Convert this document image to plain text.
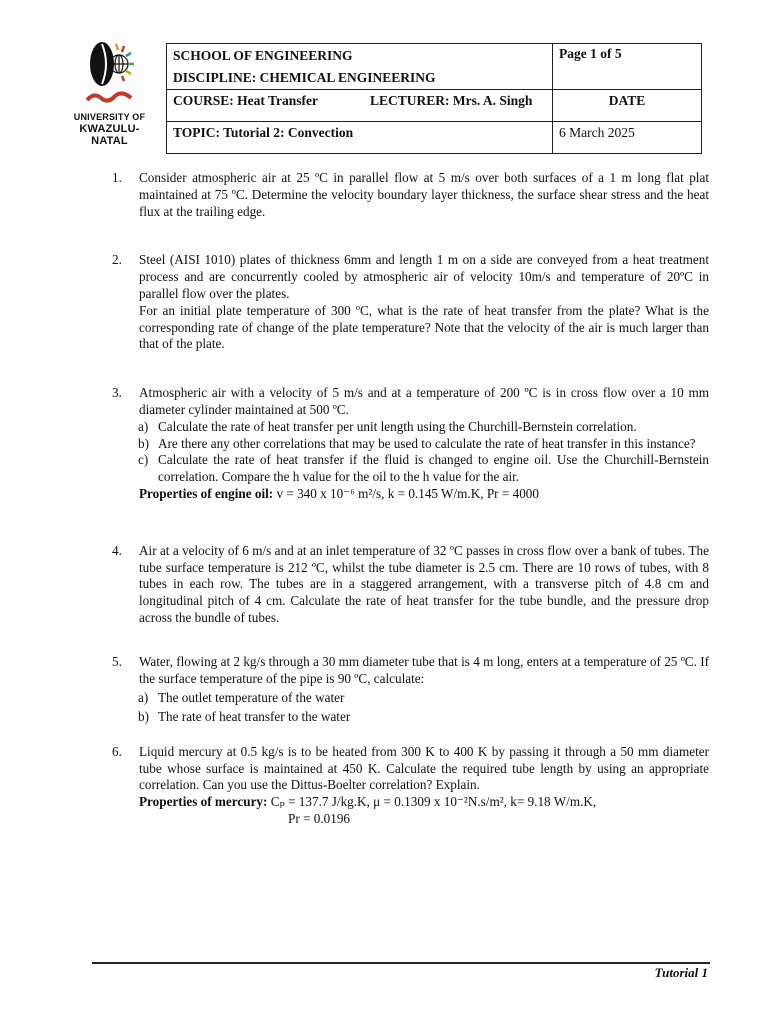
UNIVERSITY OF
KWAZULU-NATAL
SCHOOL OF ENGINEERING
DISCIPLINE: CHEMICAL ENGINEERING		Page 1 of 5
COURSE: Heat Transfer	LECTURER: Mrs. A. Singh	DATE
TOPIC: Tutorial 2: Convection		6 March 2025
1. Consider atmospheric air at 25 ºC in parallel flow at 5 m/s over both surfaces of a 1 m long flat plat maintained at 75 ºC. Determine the velocity boundary layer thickness, the surface shear stress and the heat flux at the trailing edge.
2. Steel (AISI 1010) plates of thickness 6mm and length 1 m on a side are conveyed from a heat treatment process and are concurrently cooled by atmospheric air of velocity 10m/s and temperature of 20ºC in parallel flow over the plates.
For an initial plate temperature of 300 ºC, what is the rate of heat transfer from the plate? What is the corresponding rate of change of the plate temperature? Note that the velocity of the air is much larger than that of the plate.
3. Atmospheric air with a velocity of 5 m/s and at a temperature of 200 ºC is in cross flow over a 10 mm diameter cylinder maintained at 500 ºC.
a) Calculate the rate of heat transfer per unit length using the Churchill-Bernstein correlation.
b) Are there any other correlations that may be used to calculate the rate of heat transfer in this instance?
c) Calculate the rate of heat transfer if the fluid is changed to engine oil. Use the Churchill-Bernstein correlation. Compare the h value for the oil to the h value for the air.
Properties of engine oil: v = 340 x 10⁻⁶ m²/s, k = 0.145 W/m.K, Pr = 4000
4. Air at a velocity of 6 m/s and at an inlet temperature of 32 ºC passes in cross flow over a bank of tubes. The tube surface temperature is 212 ºC, whilst the tube diameter is 2.5 cm. There are 10 rows of tubes, with 8 tubes in each row. The tubes are in a staggered arrangement, with a transverse pitch of 4.8 cm and longitudinal pitch of 4 cm. Calculate the rate of heat transfer for the tube bundle, and the pressure drop across the bundle of tubes.
5. Water, flowing at 2 kg/s through a 30 mm diameter tube that is 4 m long, enters at a temperature of 25 ºC. If the surface temperature of the pipe is 90 ºC, calculate:
a) The outlet temperature of the water
b) The rate of heat transfer to the water
6. Liquid mercury at 0.5 kg/s is to be heated from 300 K to 400 K by passing it through a 50 mm diameter tube whose surface is maintained at 450 K. Calculate the required tube length by using an appropriate correlation. Can you use the Dittus-Boelter correlation? Explain.
Properties of mercury: Cₚ = 137.7 J/kg.K, μ = 0.1309 x 10⁻²N.s/m², k= 9.18 W/m.K,
Pr = 0.0196
Tutorial 1
